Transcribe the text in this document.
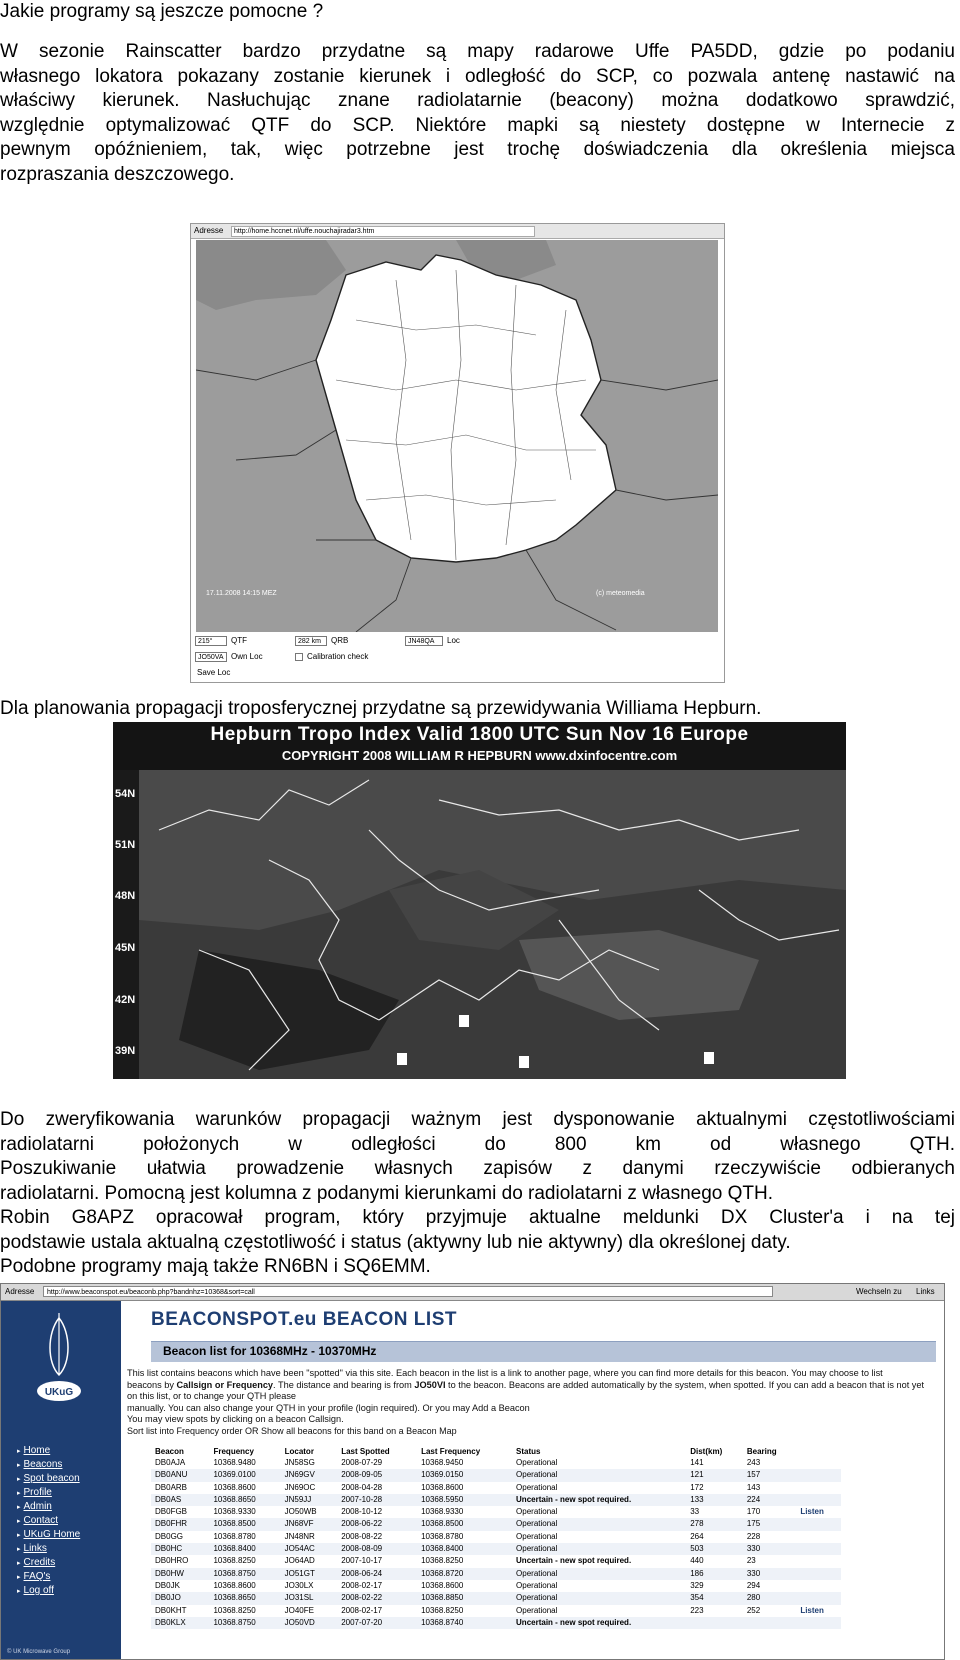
Jakie programy są jeszcze pomocne ?
W sezonie Rainscatter bardzo przydatne są mapy radarowe Uffe PA5DD, gdzie po podaniu
własnego lokatora pokazany zostanie kierunek i odległość do SCP, co pozwala antenę nastawić na
właściwy kierunek. Nasłuchując znane radiolatarnie (beacony) można dodatkowo sprawdzić,
względnie optymalizować QTF do SCP. Niektóre mapki są niestety dostępne w Internecie z
pewnym opóźnieniem, tak, więc potrzebne jest trochę doświadczenia dla określenia miejsca
rozpraszania deszczowego.
Adresse	http://home.hccnet.nl/uffe.nouchajiradar3.htm
17.11.2008 14:15 MEZ	(c) meteomedia
215°	QTF	282 km	QRB	JN48QA	Loc
JO50VA Own Loc	Calibration check
Save Loc
Dla planowania propagacji troposferycznej przydatne są przewidywania Williama Hepburn.
Hepburn Tropo Index Valid 1800 UTC Sun Nov 16 Europe
COPYRIGHT 2008 WILLIAM R HEPBURN www.dxinfocentre.com
54N
51N
48N
45N
42N
39N
Do zweryfikowania warunków propagacji ważnym jest dysponowanie aktualnymi częstotliwościami
radiolatarni położonych w odległości do 800 km od własnego QTH.
Poszukiwanie ułatwia prowadzenie własnych zapisów z danymi rzeczywiście odbieranych
radiolatarni. Pomocną jest kolumna z podanymi kierunkami do radiolatarni z własnego QTH.
Robin G8APZ opracował program, który przyjmuje aktualne meldunki DX Cluster'a i na tej
podstawie ustala aktualną częstotliwość i status (aktywny lub nie aktywny) dla określonej daty.
Podobne programy mają także RN6BN i SQ6EMM.
Adresse	http://www.beaconspot.eu/beaconb.php?bandnhz=10368&sort=call	Wechseln zu Links
UKuG
▸ Home
▸ Beacons
▸ Spot beacon
▸ Profile
▸ Admin
▸ Contact
▸ UKuG Home
▸ Links
▸ Credits
▸ FAQ's
▸ Log off
© UK Microwave Group
BEACONSPOT.eu BEACON LIST
Beacon list for 10368MHz - 10370MHz
This list contains beacons which have been "spotted" via this site. Each beacon in the list is a link to another page, where you can find more details for this beacon. You may choose to list
beacons by Callsign or Frequency. The distance and bearing is from JO50VI to the beacon. Beacons are added automatically by the system, when spotted. If you can add a beacon that is not yet on this list, or to change your QTH please
manually. You can also change your QTH in your profile (login required). Or you may Add a Beacon
You may view spots by clicking on a beacon Callsign.
Sort list into Frequency order OR Show all beacons for this band on a Beacon Map
Beacon	Frequency	Locator	Last Spotted	Last Frequency	Status	Dist(km)	Bearing	
DB0AJA	10368.9480	JN58SG	2008-07-29	10368.9450	Operational	141	243	
DB0ANU	10369.0100	JN69GV	2008-09-05	10369.0150	Operational	121	157	
DB0ARB	10368.8600	JN69OC	2008-04-28	10368.8600	Operational	172	143	
DB0AS	10368.8650	JN59JJ	2007-10-28	10368.5950	Uncertain - new spot required.	133	224	
DB0FGB	10368.9330	JO50WB	2008-10-12	10368.9330	Operational	33	170	Listen
DB0FHR	10368.8500	JN68VF	2008-06-22	10368.8500	Operational	278	175	
DB0GG	10368.8780	JN48NR	2008-08-22	10368.8780	Operational	264	228	
DB0HC	10368.8400	JO54AC	2008-08-09	10368.8400	Operational	503	330	
DB0HRO	10368.8250	JO64AD	2007-10-17	10368.8250	Uncertain - new spot required.	440	23	
DB0HW	10368.8750	JO51GT	2008-06-24	10368.8720	Operational	186	330	
DB0JK	10368.8600	JO30LX	2008-02-17	10368.8600	Operational	329	294	
DB0JO	10368.8650	JO31SL	2008-02-22	10368.8850	Operational	354	280	
DB0KHT	10368.8250	JO40FE	2008-02-17	10368.8250	Operational	223	252	Listen
DB0KLX	10368.8750	JO50VD	2007-07-20	10368.8740	Uncertain - new spot required.			
